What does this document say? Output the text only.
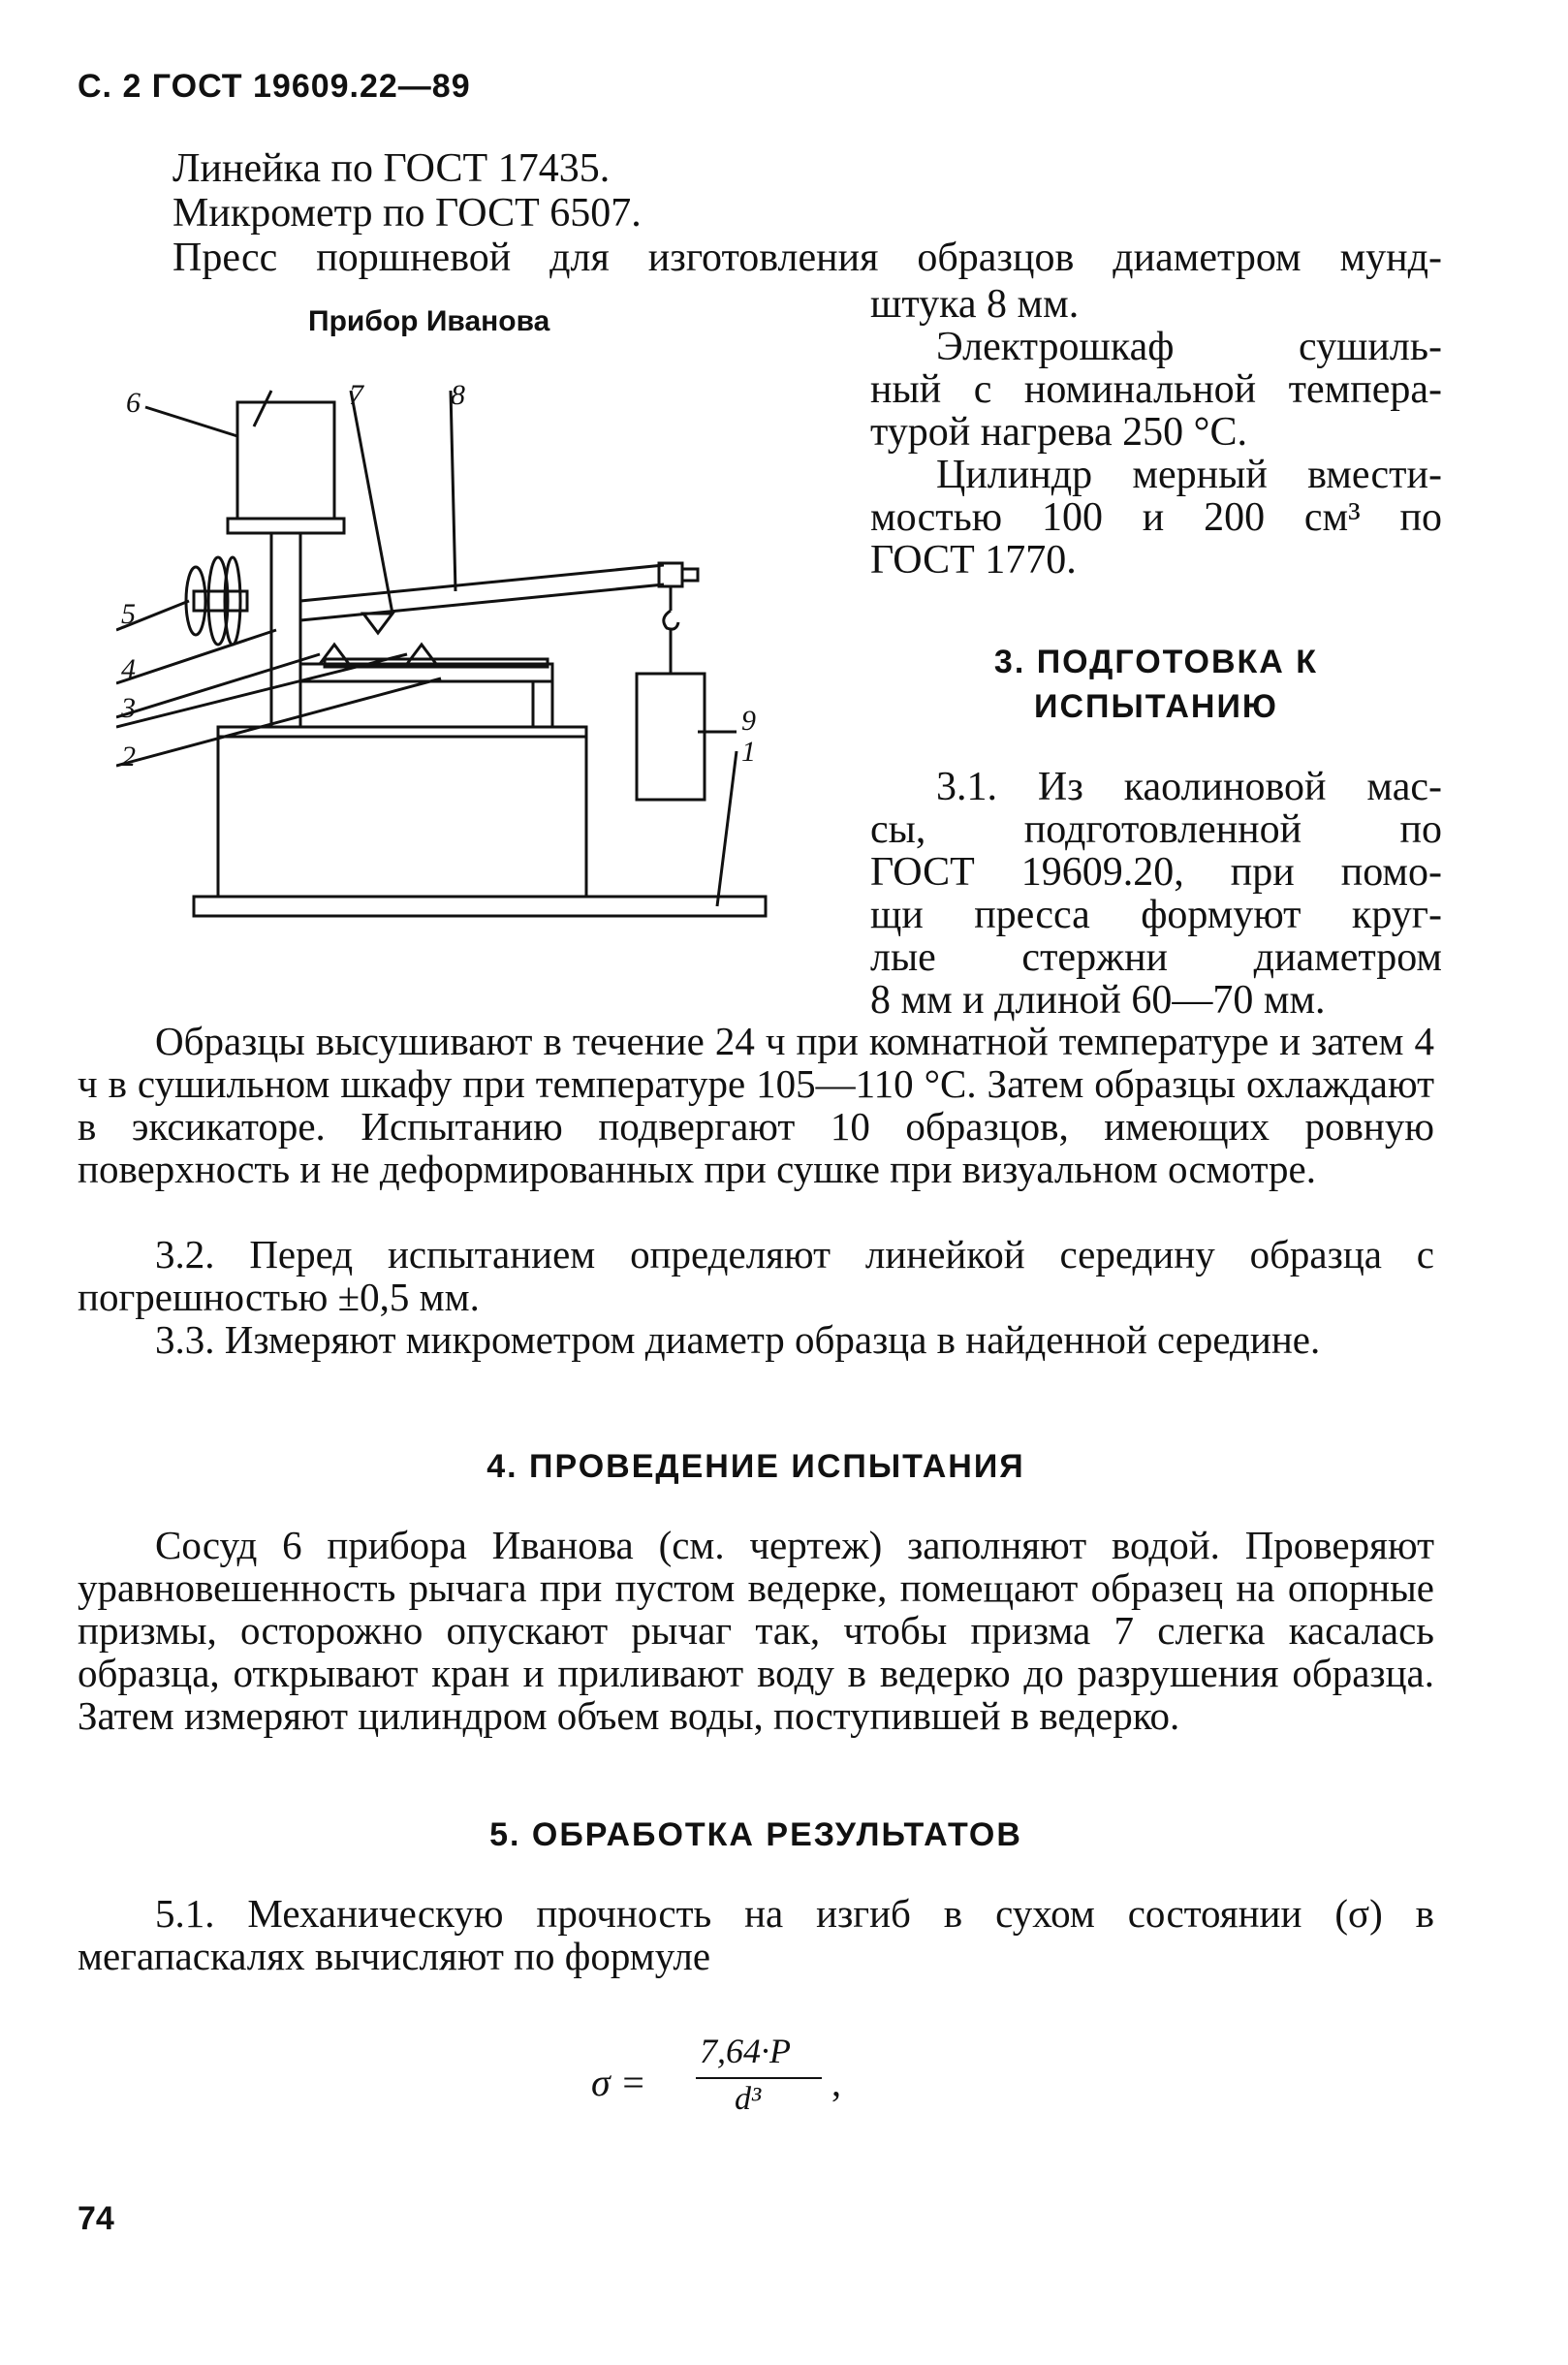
С. 2 ГОСТ 19609.22—89
Линейка по ГОСТ 17435.
Микрометр по ГОСТ 6507.
Пресс поршневой для изготовления образцов диаметром мунд-
Прибор Иванова
6	7	8
5
4
3
2
9
1
штука 8 мм.
Электрошкаф сушиль-
ный с номинальной темпера-
турой нагрева 250 °С.
Цилиндр мерный вмести-
мостью 100 и 200 см³ по
ГОСТ 1770.
3. ПОДГОТОВКА К
ИСПЫТАНИЮ
3.1. Из каолиновой мас-
сы, подготовленной по
ГОСТ 19609.20, при помо-
щи пресса формуют круг-
лые стержни диаметром
8 мм и длиной 60—70 мм.
Образцы высушивают в течение 24 ч при комнатной температуре и затем 4 ч в сушильном шкафу при температуре 105—110 °С. Затем образцы охлаждают в эксикаторе. Испытанию подвергают 10 образцов, имеющих ровную поверхность и не деформированных при сушке при визуальном осмотре.
3.2. Перед испытанием определяют линейкой середину образца с погрешностью ±0,5 мм.
3.3. Измеряют микрометром диаметр образца в найденной середине.
4. ПРОВЕДЕНИЕ ИСПЫТАНИЯ
Сосуд 6 прибора Иванова (см. чертеж) заполняют водой. Проверяют уравновешенность рычага при пустом ведерке, помещают образец на опорные призмы, осторожно опускают рычаг так, чтобы призма 7 слегка касалась образца, открывают кран и приливают воду в ведерко до разрушения образца. Затем измеряют цилиндром объем воды, поступившей в ведерко.
5. ОБРАБОТКА РЕЗУЛЬТАТОВ
5.1. Механическую прочность на изгиб в сухом состоянии (σ) в мегапаскалях вычисляют по формуле
σ =
7,64·P
d³ ,
74
